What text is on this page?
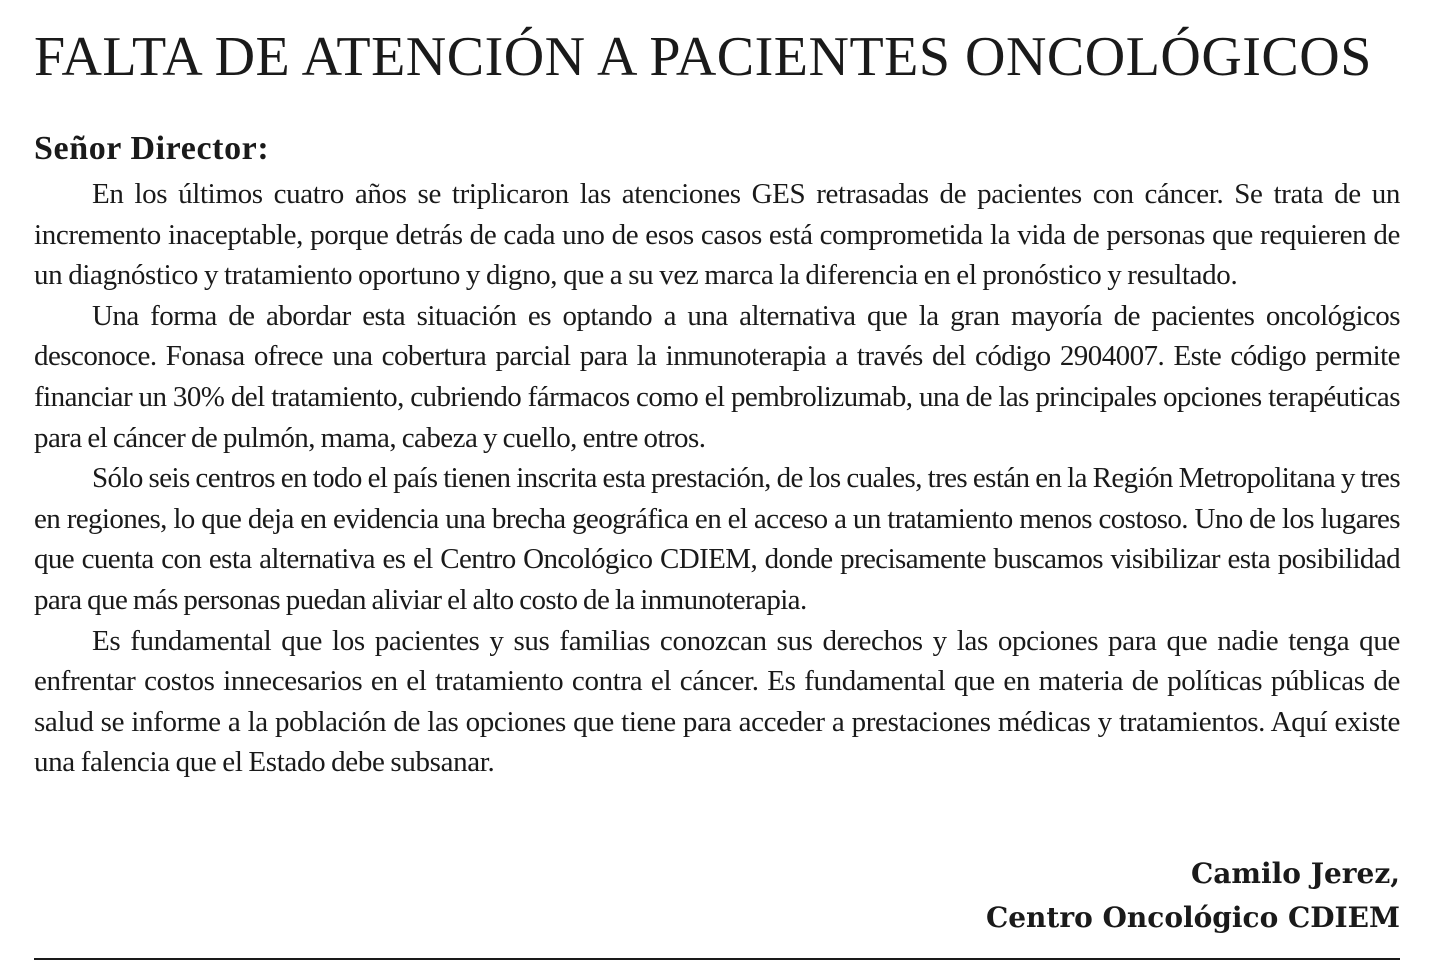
FALTA DE ATENCIÓN A PACIENTES ONCOLÓGICOS

Señor Director:

En los últimos cuatro años se triplicaron las atenciones GES retrasadas de pacientes con cáncer. Se trata de un incremento inaceptable, porque detrás de cada uno de esos casos está comprometida la vida de personas que requieren de un diagnóstico y tratamiento oportuno y digno, que a su vez marca la diferencia en el pronóstico y resultado.

Una forma de abordar esta situación es optando a una alternativa que la gran mayoría de pacientes oncológicos desconoce. Fonasa ofrece una cobertura parcial para la inmunoterapia a través del código 2904007. Este código permite financiar un 30% del tratamiento, cubriendo fármacos como el pembrolizumab, una de las principales opciones terapéuticas para el cáncer de pulmón, mama, cabeza y cuello, entre otros.

Sólo seis centros en todo el país tienen inscrita esta prestación, de los cuales, tres están en la Región Metropolitana y tres en regiones, lo que deja en evidencia una brecha geográfica en el acceso a un tratamiento menos costoso. Uno de los lugares que cuenta con esta alternativa es el Centro Oncológico CDIEM, donde precisamente buscamos visibilizar esta posibilidad para que más personas puedan aliviar el alto costo de la inmunoterapia.

Es fundamental que los pacientes y sus familias conozcan sus derechos y las opciones para que nadie tenga que enfrentar costos innecesarios en el tratamiento contra el cáncer. Es fundamental que en materia de políticas públicas de salud se informe a la población de las opciones que tiene para acceder a prestaciones médicas y tratamientos. Aquí existe una falencia que el Estado debe subsanar.

Camilo Jerez,
Centro Oncológico CDIEM
